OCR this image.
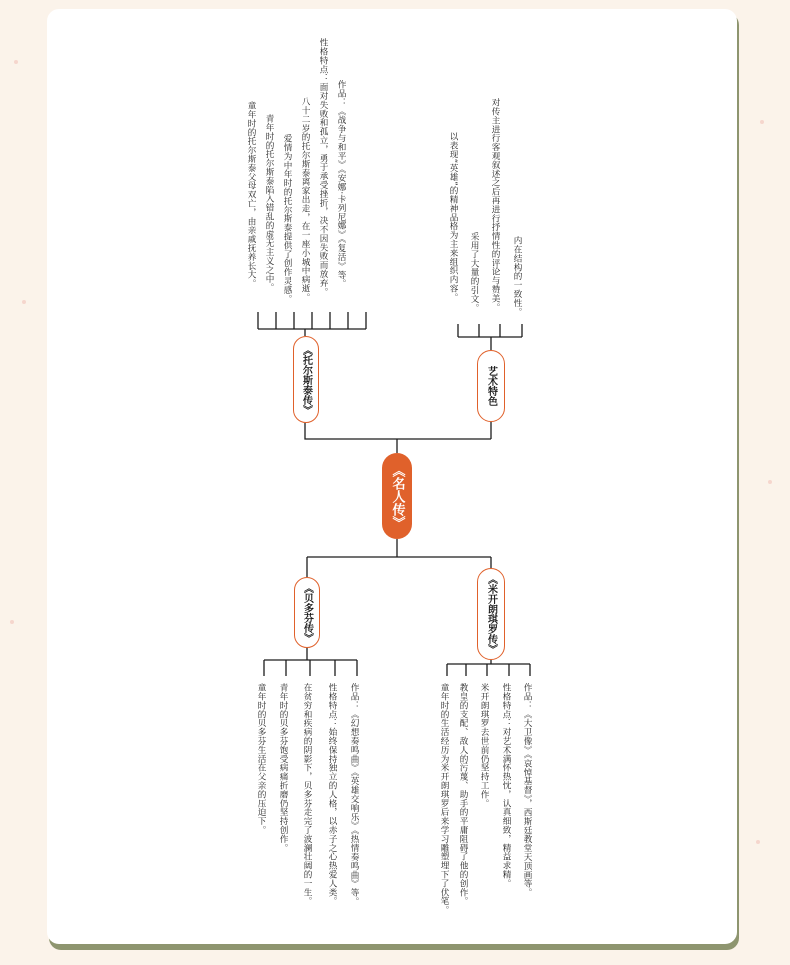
《名人传》
《托尔斯泰传》
童年时的托尔斯泰父母双亡，由亲戚抚养长大。 青年时的托尔斯泰陷入错乱的虚无主义之中。 爱情为中年时的托尔斯泰提供了创作灵感。 八十二岁的托尔斯泰离家出走，在一座小城中病逝。 性格特点：面对失败和孤立，勇于承受挫折，决不因失败而放弃。 作品：《战争与和平》《安娜·卡列尼娜》《复活》等。
艺术特色
以表现“英雄”的精神品格为主来组织内容。 采用了大量的引文。 对传主进行客观叙述之后再进行抒情性的评论与赞美。 内在结构的一致性。
《贝多芬传》
童年时的贝多芬生活在父亲的压迫下。 青年时的贝多芬饱受病痛折磨仍坚持创作。 在贫穷和疾病的阴影下，贝多芬走完了波澜壮阔的一生。 性格特点：始终保持独立的人格，以赤子之心热爱人类。 作品：《幻想奏鸣曲》《英雄交响乐》《热情奏鸣曲》等。
《米开朗琪罗传》
童年时的生活经历为米开朗琪罗后来学习雕塑埋下了伏笔。 教皇的支配、敌人的污蔑、助手的平庸阻碍了他的创作。 米开朗琪罗去世前仍坚持工作。 性格特点：对艺术满怀热忱，认真细致，精益求精。 作品：《大卫像》《哀悼基督》，西斯廷教堂天顶画等。
